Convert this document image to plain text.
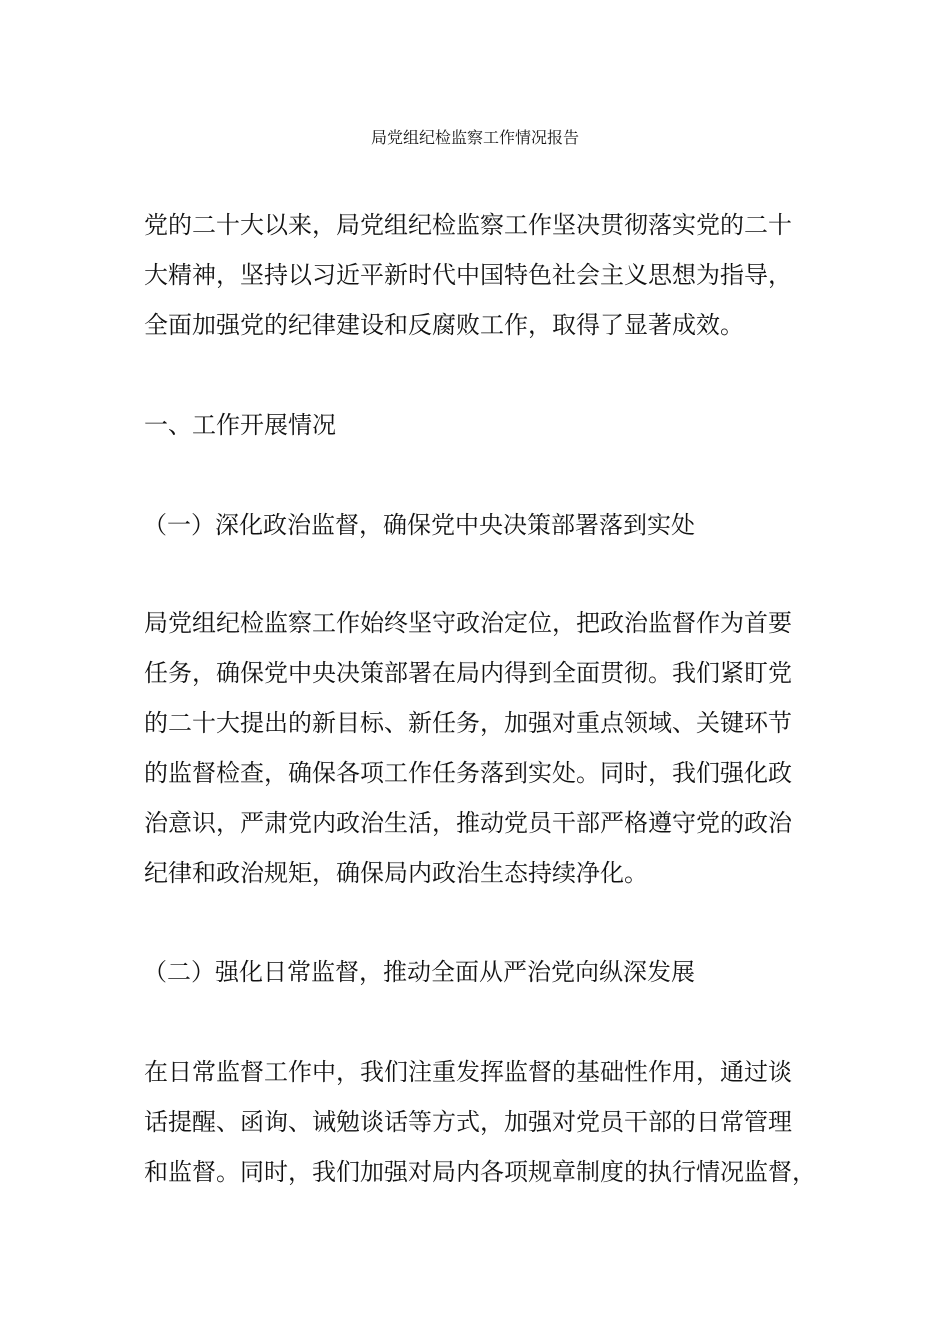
局党组纪检监察工作情况报告
党的二十大以来，局党组纪检监察工作坚决贯彻落实党的二十
大精神，坚持以习近平新时代中国特色社会主义思想为指导，
全面加强党的纪律建设和反腐败工作，取得了显著成效。
一、工作开展情况
（一）深化政治监督，确保党中央决策部署落到实处
局党组纪检监察工作始终坚守政治定位，把政治监督作为首要
任务，确保党中央决策部署在局内得到全面贯彻。我们紧盯党
的二十大提出的新目标、新任务，加强对重点领域、关键环节
的监督检查，确保各项工作任务落到实处。同时，我们强化政
治意识，严肃党内政治生活，推动党员干部严格遵守党的政治
纪律和政治规矩，确保局内政治生态持续净化。
（二）强化日常监督，推动全面从严治党向纵深发展
在日常监督工作中，我们注重发挥监督的基础性作用，通过谈
话提醒、函询、诫勉谈话等方式，加强对党员干部的日常管理
和监督。同时，我们加强对局内各项规章制度的执行情况监督，
